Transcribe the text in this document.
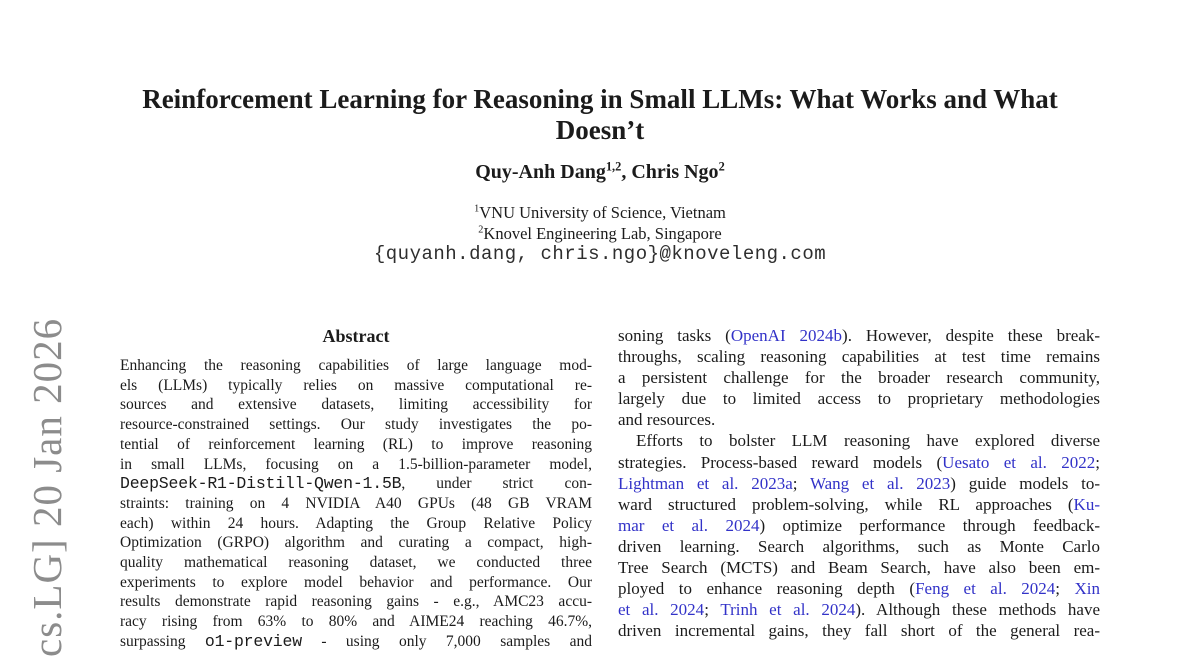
cs.LG] 20 Jan 2026
Reinforcement Learning for Reasoning in Small LLMs: What Works and What
Doesn’t
Quy-Anh Dang$^{1,2}$, Chris Ngo$^2$
$^1$VNU University of Science, Vietnam
$^2$Knovel Engineering Lab, Singapore
{quyanh.dang, chris.ngo}@knoveleng.com
Abstract
Enhancing the reasoning capabilities of large language mod-
els (LLMs) typically relies on massive computational re-
sources and extensive datasets, limiting accessibility for
resource-constrained settings. Our study investigates the po-
tential of reinforcement learning (RL) to improve reasoning
in small LLMs, focusing on a 1.5-billion-parameter model,
DeepSeek-R1-Distill-Qwen-1.5B, under strict con-
straints: training on 4 NVIDIA A40 GPUs (48 GB VRAM
each) within 24 hours. Adapting the Group Relative Policy
Optimization (GRPO) algorithm and curating a compact, high-
quality mathematical reasoning dataset, we conducted three
experiments to explore model behavior and performance. Our
results demonstrate rapid reasoning gains - e.g., AMC23 accu-
racy rising from 63% to 80% and AIME24 reaching 46.7%,
surpassing o1-preview - using only 7,000 samples and
soning tasks (OpenAI 2024b). However, despite these break-
throughs, scaling reasoning capabilities at test time remains
a persistent challenge for the broader research community,
largely due to limited access to proprietary methodologies
and resources.
Efforts to bolster LLM reasoning have explored diverse
strategies. Process-based reward models (Uesato et al. 2022;
Lightman et al. 2023a; Wang et al. 2023) guide models to-
ward structured problem-solving, while RL approaches (Ku-
mar et al. 2024) optimize performance through feedback-
driven learning. Search algorithms, such as Monte Carlo
Tree Search (MCTS) and Beam Search, have also been em-
ployed to enhance reasoning depth (Feng et al. 2024; Xin
et al. 2024; Trinh et al. 2024). Although these methods have
driven incremental gains, they fall short of the general rea-
